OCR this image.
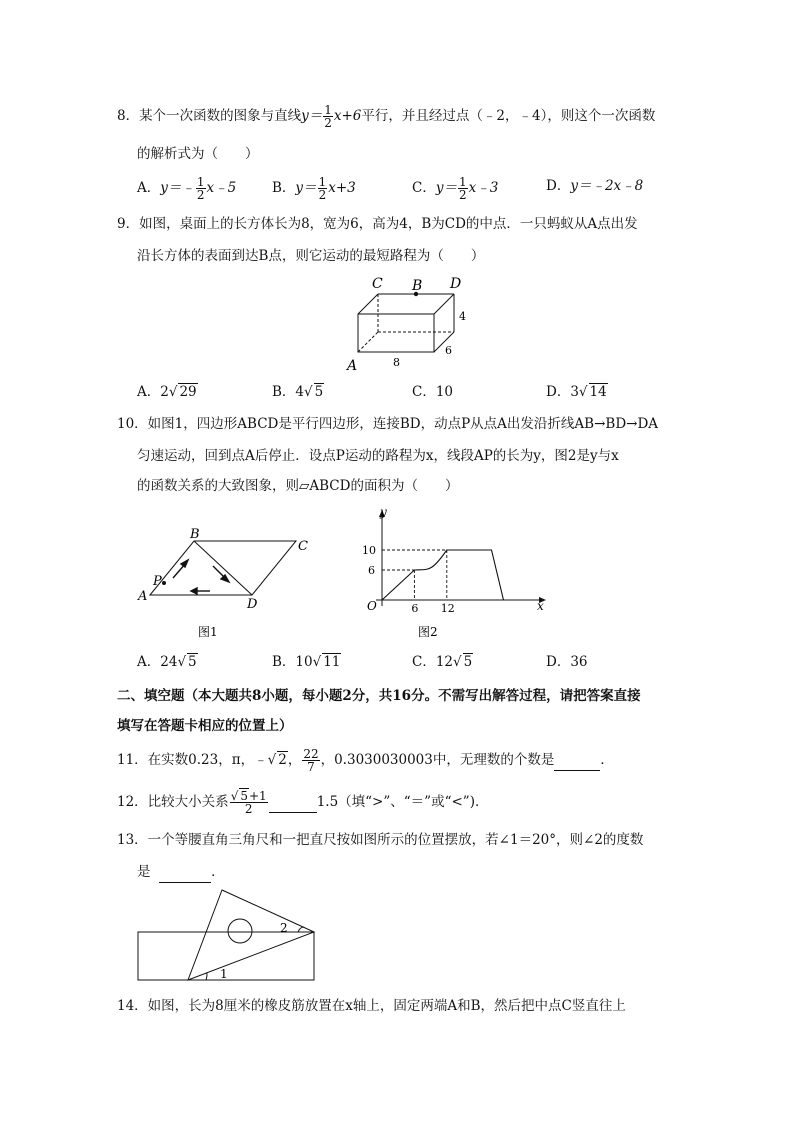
8．某个一次函数的图象与直线$y= \frac{1}{2} x+6$平行，并且经过点（﹣2，﹣4），则这个一次函数
的解析式为（　　）
A．y＝﹣ $\frac{1}{2}$ x﹣5	B．$y= \frac{1}{2} x+3$	C．$y= \frac{1}{2}$ x﹣3	D．y＝﹣2x﹣8
9．如图，桌面上的长方体长为8，宽为6，高为4，B为CD的中点．一只蚂蚁从A点出发
沿长方体的表面到达B点，则它运动的最短路程为（　　）
C B D
A
4
8
6
A．2√ 29	B．4√ 5	C．10	D．3√ 14
10．如图1，四边形ABCD是平行四边形，连接BD，动点P从点A出发沿折线AB→BD→DA
匀速运动，回到点A后停止．设点P运动的路程为x，线段AP的长为y，图2是y与x
的函数关系的大致图象，则▱ABCD的面积为（　　）
A
B
C
D
P
图1
y
x
O
10
6
6 12
图2
A．24√ 5	B．10√ 11	C．12√ 5	D．36
二、填空题（本大题共8小题，每小题2分，共16分。不需写出解答过程，请把答案直接
填写在答题卡相应的位置上）
11．在实数0.23，π，﹣√ 2， $\frac{22}{7}$ ，0.3030030003中，无理数的个数是	．
12．比较大小关系 $\frac{√ 5+1}{2}$	1.5（填“>”、“＝”或“<”)．
13．一个等腰直角三角尺和一把直尺按如图所示的位置摆放，若∠1＝20°，则∠2的度数
是	．
1
2
14．如图，长为8厘米的橡皮筋放置在x轴上，固定两端A和B，然后把中点C竖直往上
